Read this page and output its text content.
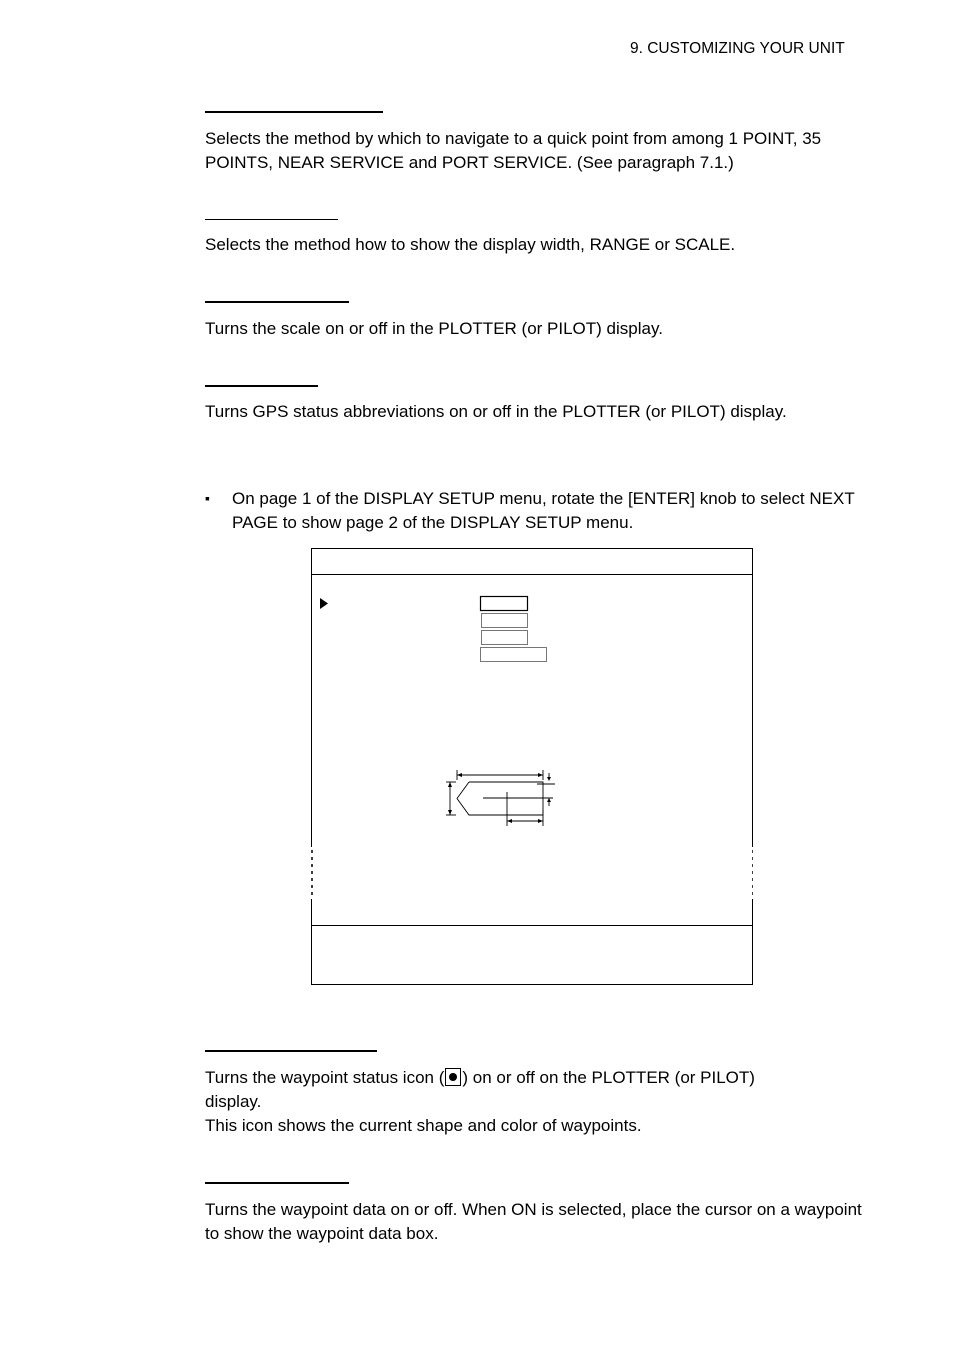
9. CUSTOMIZING YOUR UNIT
Selects the method by which to navigate to a quick point from among 1 POINT, 35 POINTS, NEAR SERVICE and PORT SERVICE. (See paragraph 7.1.)
Selects the method how to show the display width, RANGE or SCALE.
Turns the scale on or off in the PLOTTER (or PILOT) display.
Turns GPS status abbreviations on or off in the PLOTTER (or PILOT) display.
▪ On page 1 of the DISPLAY SETUP menu, rotate the [ENTER] knob to select NEXT PAGE to show page 2 of the DISPLAY SETUP menu.
Turns the waypoint status icon ( ) on or off on the PLOTTER (or PILOT)
display.
This icon shows the current shape and color of waypoints.
Turns the waypoint data on or off. When ON is selected, place the cursor on a waypoint to show the waypoint data box.
